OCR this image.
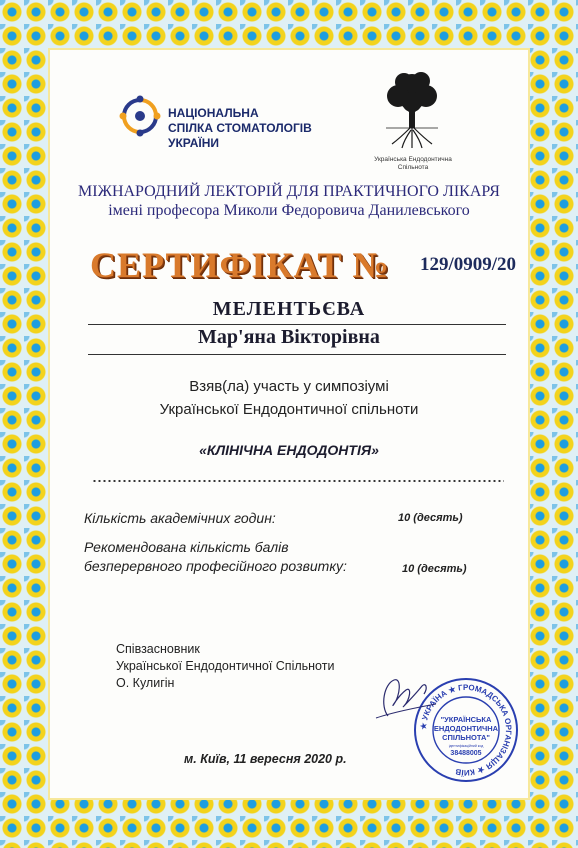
НАЦІОНАЛЬНА
СПІЛКА СТОМАТОЛОГІВ
УКРАЇНИ
Українська Ендодонтична
Спільнота
МІЖНАРОДНИЙ ЛЕКТОРІЙ ДЛЯ ПРАКТИЧНОГО ЛІКАРЯ
імені професора Миколи Федоровича Данилевського
СЕРТИФІКАТ № 129/0909/20
МЕЛЕНТЬЄВА
Мар'яна Вікторівна
Взяв(ла) участь у симпозіумі
Української Ендодонтичної спільноти
«КЛІНІЧНА ЕНДОДОНТІЯ»
Кількість академічних годин:	10 (десять)
Рекомендована кількість балів
безперервного професійного розвитку:	10 (десять)
Співзасновник
Української Ендодонтичної Спільноти
О. Кулигін
★ УКРАЇНА ★ ГРОМАДСЬКА ОРГАНІЗАЦІЯ ★ КИЇВ
"УКРАЇНСЬКА
ЕНДОДОНТИЧНА
СПІЛЬНОТА"
ідентифікаційний код
38488005
м. Київ, 11 вересня 2020 р.
